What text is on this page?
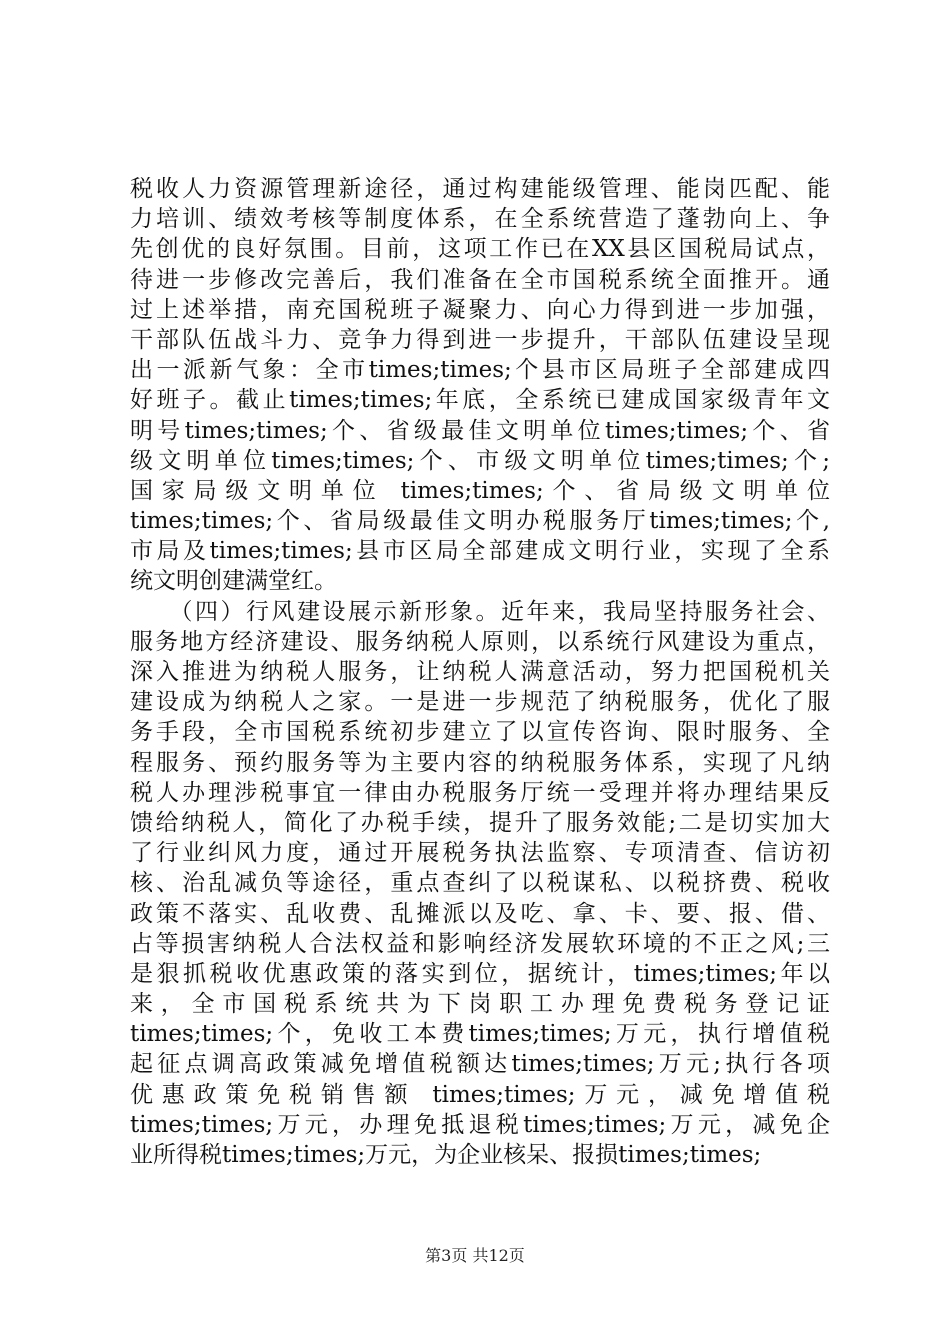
税收人力资源管理新途径，通过构建能级管理、能岗匹配、能
力培训、绩效考核等制度体系，在全系统营造了蓬勃向上、争
先创优的良好氛围。目前，这项工作已在XX县区国税局试点，
待进一步修改完善后，我们准备在全市国税系统全面推开。通
过上述举措，南充国税班子凝聚力、向心力得到进一步加强，
干部队伍战斗力、竞争力得到进一步提升，干部队伍建设呈现
出一派新气象：全市times;times;个县市区局班子全部建成四
好班子。截止times;times;年底，全系统已建成国家级青年文
明号times;times;个、省级最佳文明单位times;times;个、省
级文明单位times;times;个、市级文明单位times;times;个;
国家局级文明单位 times;times;个、省局级文明单位
times;times;个、省局级最佳文明办税服务厅times;times;个,
市局及times;times;县市区局全部建成文明行业，实现了全系
统文明创建满堂红。
　　（四）行风建设展示新形象。近年来，我局坚持服务社会、
服务地方经济建设、服务纳税人原则，以系统行风建设为重点，
深入推进为纳税人服务，让纳税人满意活动，努力把国税机关
建设成为纳税人之家。一是进一步规范了纳税服务，优化了服
务手段，全市国税系统初步建立了以宣传咨询、限时服务、全
程服务、预约服务等为主要内容的纳税服务体系，实现了凡纳
税人办理涉税事宜一律由办税服务厅统一受理并将办理结果反
馈给纳税人，简化了办税手续，提升了服务效能;二是切实加大
了行业纠风力度，通过开展税务执法监察、专项清查、信访初
核、治乱减负等途径，重点查纠了以税谋私、以税挤费、税收
政策不落实、乱收费、乱摊派以及吃、拿、卡、要、报、借、
占等损害纳税人合法权益和影响经济发展软环境的不正之风;三
是狠抓税收优惠政策的落实到位，据统计，times;times;年以
来，全市国税系统共为下岗职工办理免费税务登记证
times;times;个，免收工本费times;times;万元，执行增值税
起征点调高政策减免增值税额达times;times;万元;执行各项
优惠政策免税销售额 times;times;万元，减免增值税
times;times;万元，办理免抵退税times;times;万元，减免企
业所得税times;times;万元，为企业核呆、报损times;times;
第3页 共12页
